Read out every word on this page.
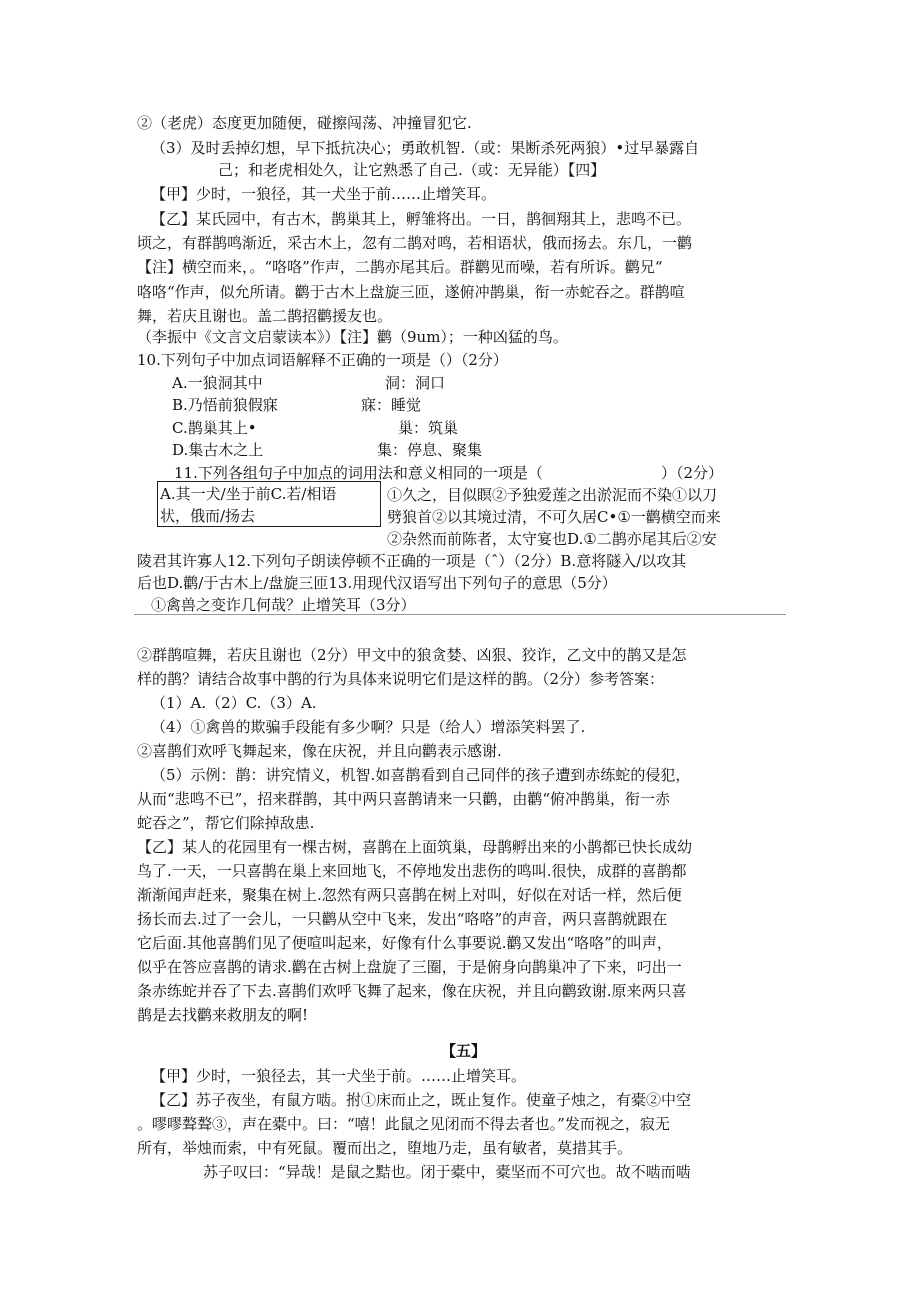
②（老虎）态度更加随便，碰擦闯荡、冲撞冒犯它.
（3）及时丢掉幻想，早下抵抗决心；勇敢机智.（或：果断杀死两狼）•过早暴露自
己；和老虎相处久，让它熟悉了自己.（或：无异能）【四】
【甲】少时，一狼径，其一犬坐于前……止增笑耳。
【乙】某氏园中，有古木，鹊巢其上，孵雏将出。一日，鹊徊翔其上，悲鸣不已。
顷之，有群鹊鸣渐近，采古木上，忽有二鹊对鸣，若相语状，俄而扬去。东几，一鹳
【注】横空而来，。“咯咯”作声，二鹊亦尾其后。群鹳见而噪，若有所诉。鹳兄“
咯咯“作声，似允所请。鹳于古木上盘旋三匝，遂俯冲鹊巢，衔一赤蛇吞之。群鹊喧
舞，若庆且谢也。盖二鹊招鹳援友也。
（李振中《文言文启蒙读本》）【注】鹳（9um）；一种凶猛的鸟。
10.下列句子中加点词语解释不正确的一项是（）（2分）
A.一狼洞其中	洞：洞口
B.乃悟前狼假寐	寐：睡觉
C.鹊巢其上•	巢：筑巢
D.集古木之上	集：停息、聚集
11.下列各组句子中加点的词用法和意义相同的一项是（	）（2分）
A.其一犬/坐于前C.若/相语
状，俄而/扬去
①久之，目似瞑②予独爱莲之出淤泥而不染①以刀
劈狼首②以其境过清，不可久居C•①一鹳横空而来
②杂然而前陈者，太守宴也D.①二鹊亦尾其后②安
陵君其许寡人12.下列句子朗读停顿不正确的一项是（ˆ）（2分）B.意将隧入/以攻其
后也D.鹳/于古木上/盘旋三匝13.用现代汉语写出下列句子的意思（5分）
①禽兽之变诈几何哉？止增笑耳（3分）
②群鹊喧舞，若庆且谢也（2分）甲文中的狼贪婪、凶狠、狡诈，乙文中的鹊又是怎
样的鹊？请结合故事中鹊的行为具体来说明它们是这样的鹊。（2分）参考答案：
（1）A.（2）C.（3）A.
（4）①禽兽的欺骗手段能有多少啊？只是（给人）增添笑料罢了.
②喜鹊们欢呼飞舞起来，像在庆祝，并且向鹳表示感谢.
（5）示例：鹊：讲究情义，机智.如喜鹊看到自己同伴的孩子遭到赤练蛇的侵犯，
从而“悲鸣不已”，招来群鹊，其中两只喜鹊请来一只鹳，由鹳“俯冲鹊巢，衔一赤
蛇吞之”，帮它们除掉敌患.
【乙】某人的花园里有一棵古树，喜鹊在上面筑巢，母鹊孵出来的小鹊都已快长成幼
鸟了.一天，一只喜鹊在巢上来回地飞，不停地发出悲伤的鸣叫.很快，成群的喜鹊都
渐渐闻声赶来，聚集在树上.忽然有两只喜鹊在树上对叫，好似在对话一样，然后便
扬长而去.过了一会儿，一只鹳从空中飞来，发出“咯咯”的声音，两只喜鹊就跟在
它后面.其他喜鹊们见了便喧叫起来，好像有什么事要说.鹳又发出“咯咯”的叫声，
似乎在答应喜鹊的请求.鹳在古树上盘旋了三圈，于是俯身向鹊巢冲了下来，叼出一
条赤练蛇并吞了下去.喜鹊们欢呼飞舞了起来，像在庆祝，并且向鹳致谢.原来两只喜
鹊是去找鹳来救朋友的啊!
【五】
【甲】少时，一狼径去，其一犬坐于前。……止增笑耳。
【乙】苏子夜坐，有鼠方啮。拊①床而止之，既止复作。使童子烛之，有橐②中空
。嘐嘐聱聱③，声在橐中。曰：“嘻！此鼠之见闭而不得去者也。”发而视之，寂无
所有，举烛而索，中有死鼠。覆而出之，堕地乃走，虽有敏者，莫措其手。
苏子叹曰：“异哉！是鼠之黠也。闭于橐中，橐坚而不可穴也。故不啮而啮
